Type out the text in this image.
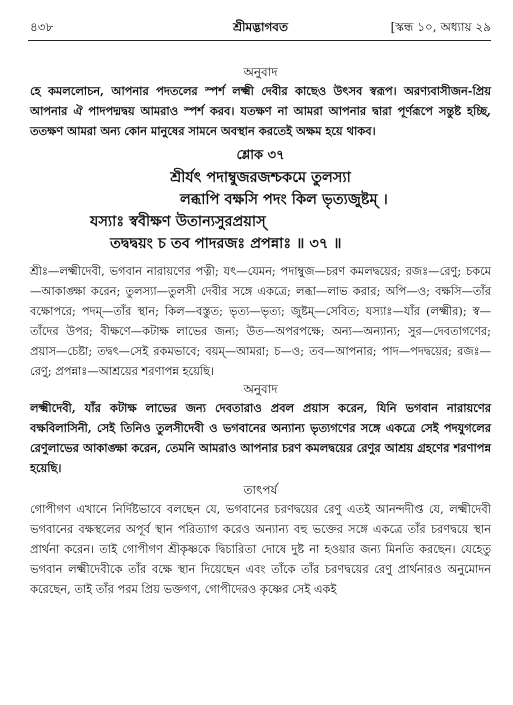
৪৩৮	শ্রীমদ্ভাগবত	[স্কন্ধ ১০, অধ্যায় ২৯

অনুবাদ

হে কমললোচন, আপনার পদতলের স্পর্শ লক্ষ্মী দেবীর কাছেও উৎসব স্বরূপ। অরণ্যবাসীজন-প্রিয় আপনার ঐ পাদপদ্মদ্বয় আমরাও স্পর্শ করব। যতক্ষণ না আমরা আপনার দ্বারা পূর্ণরূপে সন্তুষ্ট হচ্ছি, ততক্ষণ আমরা অন্য কোন মানুষের সামনে অবস্থান করতেই অক্ষম হয়ে থাকব।

শ্লোক ৩৭

শ্রীর্যৎ পদাম্বুজরজশ্চকমে তুলস্যা

লব্ধাপি বক্ষসি পদং কিল ভৃত্যজুষ্টম্ ।

যস্যাঃ স্ববীক্ষণ উতান্যসুরপ্রয়াস্

তদ্বদ্বয়ং চ তব পাদরজঃ প্রপন্নাঃ ॥ ৩৭ ॥

শ্রীঃ—লক্ষ্মীদেবী, ভগবান নারায়ণের পত্নী; যৎ—যেমন; পদাম্বুজ—চরণ কমলদ্বয়ের; রজঃ—রেণু; চকমে—আকাঙ্ক্ষা করেন; তুলস্যা—তুলসী দেবীর সঙ্গে একত্রে; লব্ধা—লাভ করার; অপি—ও; বক্ষসি—তাঁর বক্ষোপরে; পদম্—তাঁর স্থান; কিল—বস্তুত; ভৃত্য—ভৃত্য; জুষ্টম্—সেবিত; যস্যাঃ—যাঁর (লক্ষ্মীর); স্ব—তাঁদের উপর; বীক্ষণে—কটাক্ষ লাভের জন্য; উত—অপরপক্ষে; অন্য—অন্যান্য; সুর—দেবতাগণের; প্রয়াস—চেষ্টা; তদ্বৎ—সেই রকমভাবে; বয়ম্—আমরা; চ—ও; তব—আপনার; পাদ—পদদ্বয়ের; রজঃ—রেণু; প্রপন্নাঃ—আশ্রয়ের শরণাপন্ন হয়েছি।

অনুবাদ

লক্ষ্মীদেবী, যাঁর কটাক্ষ লাভের জন্য দেবতারাও প্রবল প্রয়াস করেন, যিনি ভগবান নারায়ণের বক্ষবিলাসিনী, সেই তিনিও তুলসীদেবী ও ভগবানের অন্যান্য ভৃত্যগণের সঙ্গে একত্রে সেই পদযুগলের রেণুলাভের আকাঙ্ক্ষা করেন, তেমনি আমরাও আপনার চরণ কমলদ্বয়ের রেণুর আশ্রয় গ্রহণের শরণাপন্ন হয়েছি।

তাৎপর্য

গোপীগণ এখানে নির্দিষ্টভাবে বলছেন যে, ভগবানের চরণদ্বয়ের রেণু এতই আনন্দদীপ্ত যে, লক্ষ্মীদেবী ভগবানের বক্ষস্থলের অপূর্ব স্থান পরিত্যাগ করেও অন্যান্য বহু ভক্তের সঙ্গে একত্রে তাঁর চরণদ্বয়ে স্থান প্রার্থনা করেন। তাই গোপীগণ শ্রীকৃষ্ণকে দ্বিচারিতা দোষে দুষ্ট না হওয়ার জন্য মিনতি করছেন। যেহেতু ভগবান লক্ষ্মীদেবীকে তাঁর বক্ষে স্থান দিয়েছেন এবং তাঁকে তাঁর চরণদ্বয়ের রেণু প্রার্থনারও অনুমোদন করেছেন, তাই তাঁর পরম প্রিয় ভক্তগণ, গোপীদেরও কৃষ্ণের সেই একই
